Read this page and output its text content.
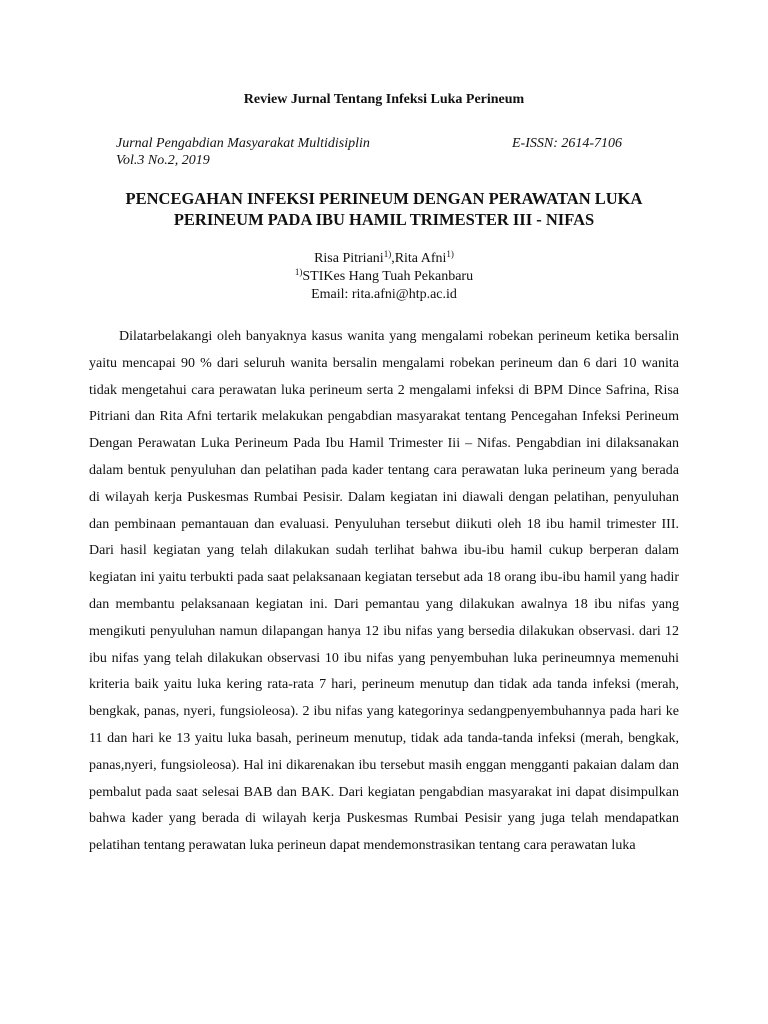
Review Jurnal Tentang Infeksi Luka Perineum
Jurnal Pengabdian Masyarakat Multidisiplin	E-ISSN: 2614-7106
Vol.3 No.2, 2019
PENCEGAHAN INFEKSI PERINEUM DENGAN PERAWATAN LUKA
PERINEUM PADA IBU HAMIL TRIMESTER III - NIFAS
Risa Pitriani$^{1)}$,Rita Afni$^{1)}$
$^{1)}$STIKes Hang Tuah Pekanbaru
Email: rita.afni@htp.ac.id

Dilatarbelakangi oleh banyaknya kasus wanita yang mengalami robekan perineum ketika bersalin yaitu mencapai 90 % dari seluruh wanita bersalin mengalami robekan perineum dan 6 dari 10 wanita tidak mengetahui cara perawatan luka perineum serta 2 mengalami infeksi di BPM Dince Safrina, Risa Pitriani dan Rita Afni tertarik melakukan pengabdian masyarakat tentang Pencegahan Infeksi Perineum Dengan Perawatan Luka Perineum Pada Ibu Hamil Trimester Iii – Nifas. Pengabdian ini dilaksanakan dalam bentuk penyuluhan dan pelatihan pada kader tentang cara perawatan luka perineum yang berada di wilayah kerja Puskesmas Rumbai Pesisir. Dalam kegiatan ini diawali dengan pelatihan, penyuluhan dan pembinaan pemantauan dan evaluasi. Penyuluhan tersebut diikuti oleh 18 ibu hamil trimester III. Dari hasil kegiatan yang telah dilakukan sudah terlihat bahwa ibu-ibu hamil cukup berperan dalam kegiatan ini yaitu terbukti pada saat pelaksanaan kegiatan tersebut ada 18 orang ibu-ibu hamil yang hadir dan membantu pelaksanaan kegiatan ini. Dari pemantau yang dilakukan awalnya 18 ibu nifas yang mengikuti penyuluhan namun dilapangan hanya 12 ibu nifas yang bersedia dilakukan observasi. dari 12 ibu nifas yang telah dilakukan observasi 10 ibu nifas yang penyembuhan luka perineumnya memenuhi kriteria baik yaitu luka kering rata-rata 7 hari, perineum menutup dan tidak ada tanda infeksi (merah, bengkak, panas, nyeri, fungsioleosa). 2 ibu nifas yang kategorinya sedangpenyembuhannya pada hari ke 11 dan hari ke 13 yaitu luka basah, perineum menutup, tidak ada tanda-tanda infeksi (merah, bengkak, panas,nyeri, fungsioleosa). Hal ini dikarenakan ibu tersebut masih enggan mengganti pakaian dalam dan pembalut pada saat selesai BAB dan BAK. Dari kegiatan pengabdian masyarakat ini dapat disimpulkan bahwa kader yang berada di wilayah kerja Puskesmas Rumbai Pesisir yang juga telah mendapatkan pelatihan tentang perawatan luka perineun dapat mendemonstrasikan tentang cara perawatan luka
